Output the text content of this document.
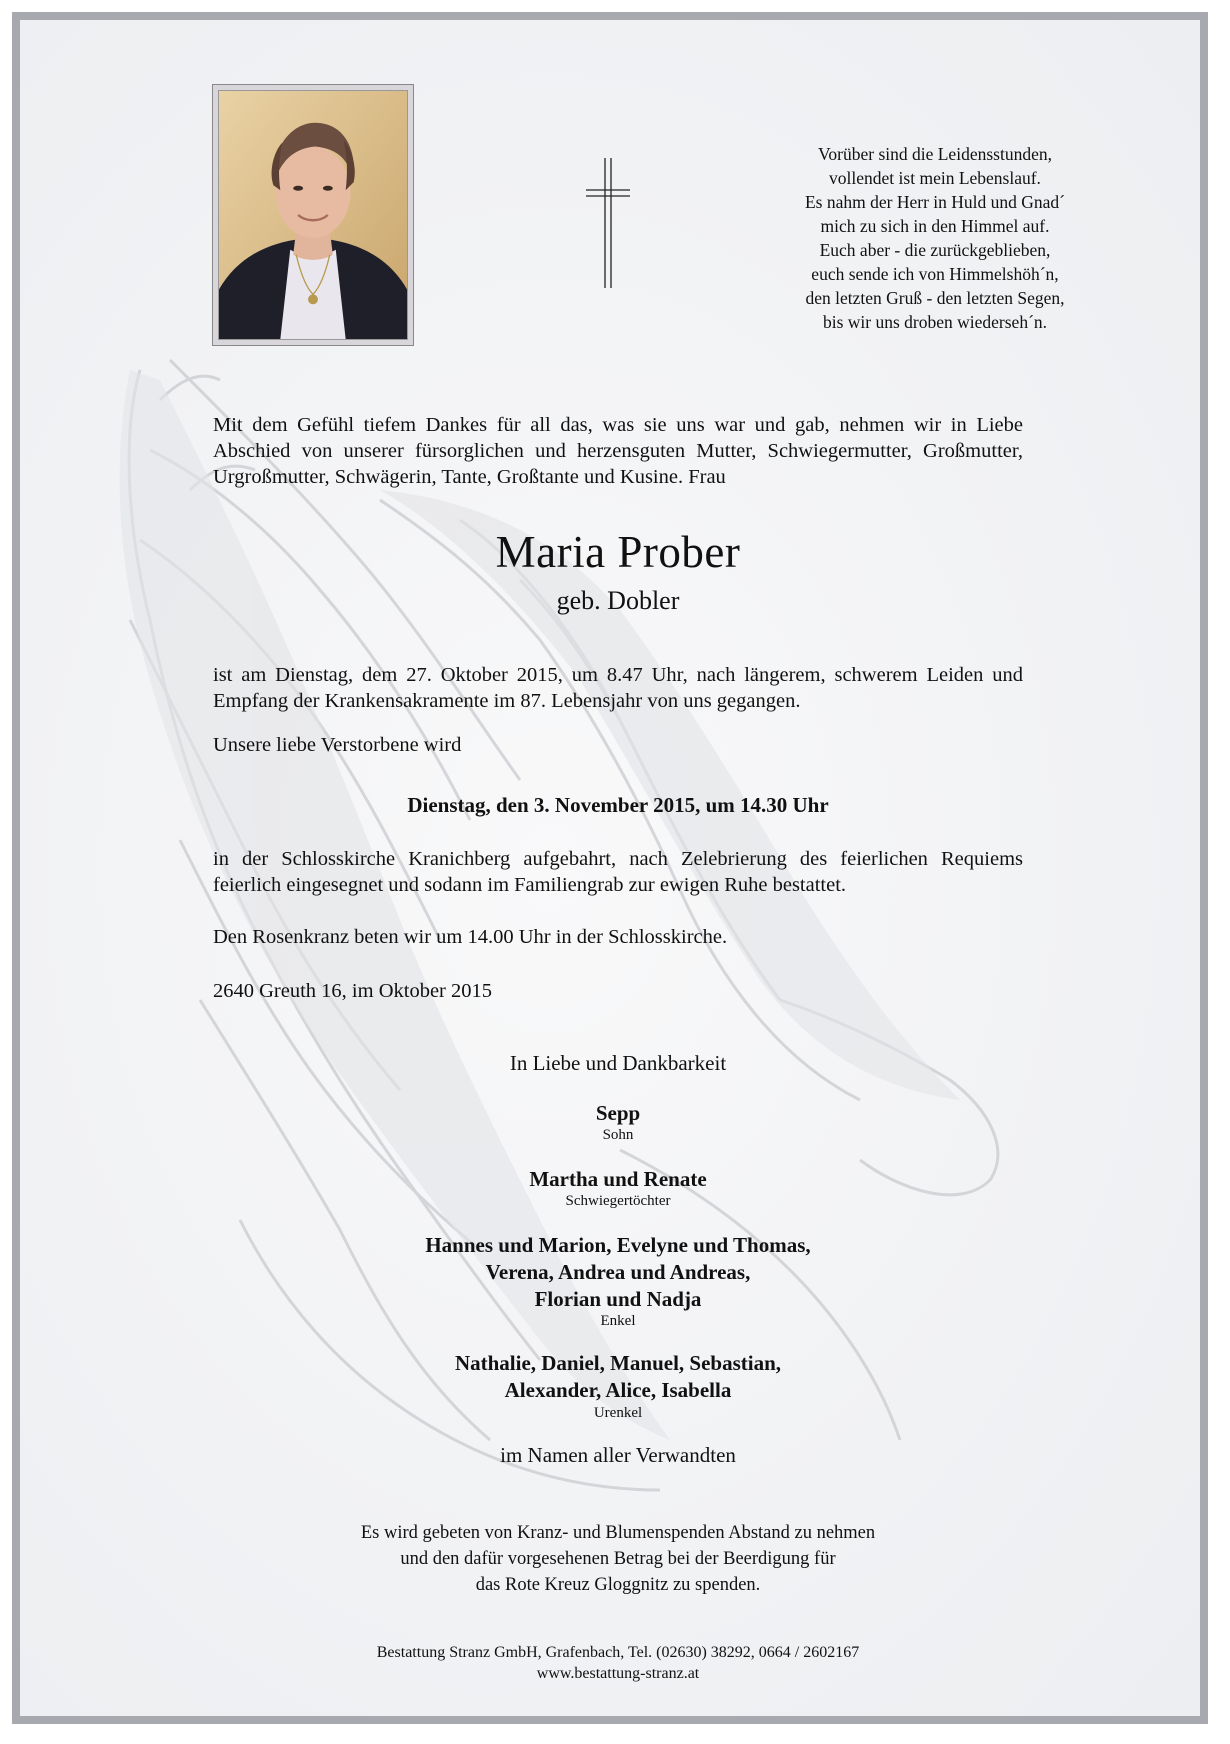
Vorüber sind die Leidensstunden,
vollendet ist mein Lebenslauf.
Es nahm der Herr in Huld und Gnad´
mich zu sich in den Himmel auf.
Euch aber - die zurückgeblieben,
euch sende ich von Himmelshöh´n,
den letzten Gruß - den letzten Segen,
bis wir uns droben wiederseh´n.
Mit dem Gefühl tiefem Dankes für all das, was sie uns war und gab, nehmen wir in Liebe Abschied von unserer fürsorglichen und herzensguten Mutter, Schwiegermutter, Großmutter, Urgroßmutter, Schwägerin, Tante, Großtante und Kusine. Frau
Maria Prober
geb. Dobler
ist am Dienstag, dem 27. Oktober 2015, um 8.47 Uhr, nach längerem, schwerem Leiden und Empfang der Krankensakramente im 87. Lebensjahr von uns gegangen.
Unsere liebe Verstorbene wird
Dienstag, den 3. November 2015, um 14.30 Uhr
in der Schlosskirche Kranichberg aufgebahrt, nach Zelebrierung des feierlichen Requiems feierlich eingesegnet und sodann im Familiengrab zur ewigen Ruhe bestattet.
Den Rosenkranz beten wir um 14.00 Uhr in der Schlosskirche.
2640 Greuth 16, im Oktober 2015
In Liebe und Dankbarkeit
Sepp
Sohn
Martha und Renate
Schwiegertöchter
Hannes und Marion, Evelyne und Thomas,
Verena, Andrea und Andreas,
Florian und Nadja
Enkel
Nathalie, Daniel, Manuel, Sebastian,
Alexander, Alice, Isabella
Urenkel
im Namen aller Verwandten
Es wird gebeten von Kranz- und Blumenspenden Abstand zu nehmen
und den dafür vorgesehenen Betrag bei der Beerdigung für
das Rote Kreuz Gloggnitz zu spenden.
Bestattung Stranz GmbH, Grafenbach, Tel. (02630) 38292, 0664 / 2602167
www.bestattung-stranz.at
